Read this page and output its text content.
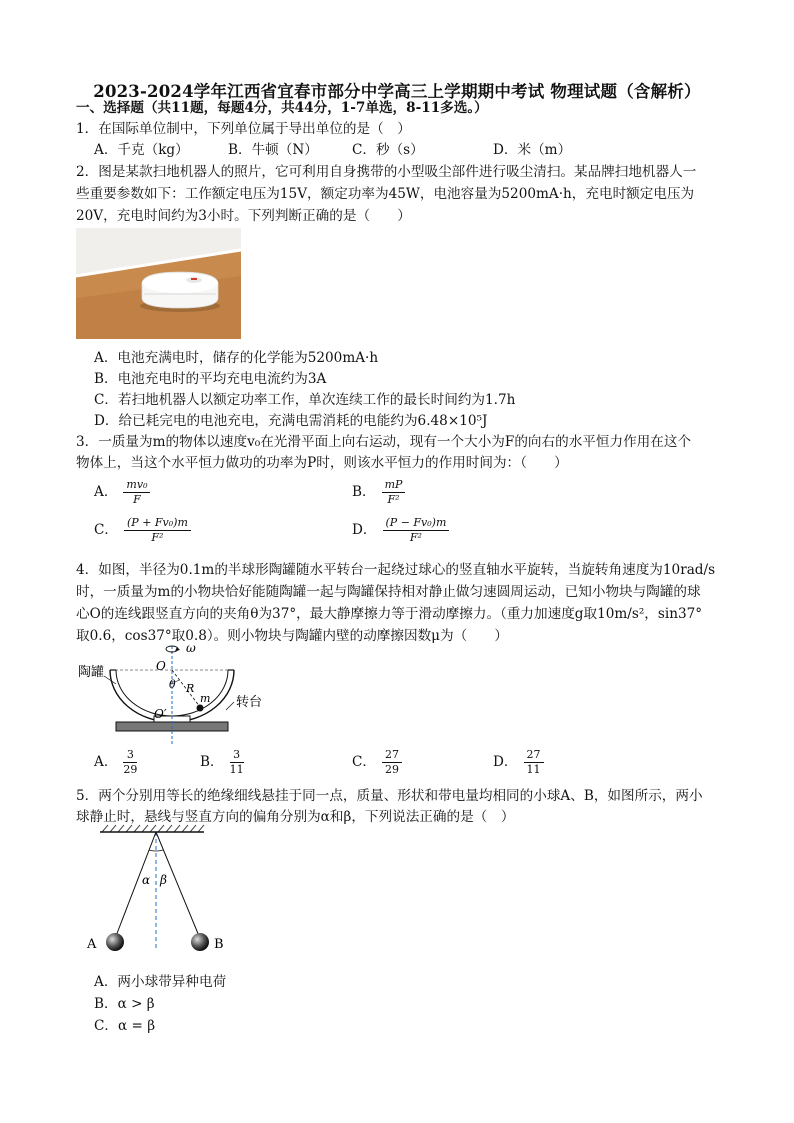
2023-2024学年江西省宜春市部分中学高三上学期期中考试 物理试题（含解析）
一、选择题（共11题，每题4分，共44分，1-7单选，8-11多选。）
1．在国际单位制中，下列单位属于导出单位的是（　）
A．千克（kg）	B．牛顿（N）	C．秒（s）	D．米（m）
2．图是某款扫地机器人的照片，它可利用自身携带的小型吸尘部件进行吸尘清扫。某品牌扫地机器人一
些重要参数如下：工作额定电压为15V，额定功率为45W，电池容量为5200mA·h，充电时额定电压为
20V，充电时间约为3小时。下列判断正确的是（　　）
A．电池充满电时，储存的化学能为5200mA·h
B．电池充电时的平均充电电流约为3A
C．若扫地机器人以额定功率工作，单次连续工作的最长时间约为1.7h
D．给已耗完电的电池充电，充满电需消耗的电能约为6.48×10⁵J
3．一质量为m的物体以速度v₀在光滑平面上向右运动，现有一个大小为F的向右的水平恒力作用在这个
物体上，当这个水平恒力做功的功率为P时，则该水平恒力的作用时间为：（　　）
A． $\frac{\text{mv₀}}{F}$	B． $\frac{mP}{\text{F²}}$
C． $\frac{\text{(P + Fv₀)m}}{\text{F²}}$	D． $\frac{\text{(P − Fv₀)m}}{\text{F²}}$
4．如图，半径为0.1m的半球形陶罐随水平转台一起绕过球心的竖直轴水平旋转，当旋转角速度为10rad/s
时，一质量为m的小物块恰好能随陶罐一起与陶罐保持相对静止做匀速圆周运动，已知小物块与陶罐的球
心O的连线跟竖直方向的夹角θ为37°，最大静摩擦力等于滑动摩擦力。（重力加速度g取10m/s²，sin37°
取0.6，cos37°取0.8）。则小物块与陶罐内壁的动摩擦因数μ为（　　）
陶罐
转台
ω
O
O′
θ R
m
A． $\frac{3}{29}$	B． $\frac{3}{11}$	C． $\frac{27}{29}$	D． $\frac{27}{11}$
5．两个分别用等长的绝缘细线悬挂于同一点，质量、形状和带电量均相同的小球A、B，如图所示，两小
球静止时，悬线与竖直方向的偏角分别为α和β，下列说法正确的是（　）
A	B
α β
A．两小球带异种电荷
B．α > β
C．α = β
